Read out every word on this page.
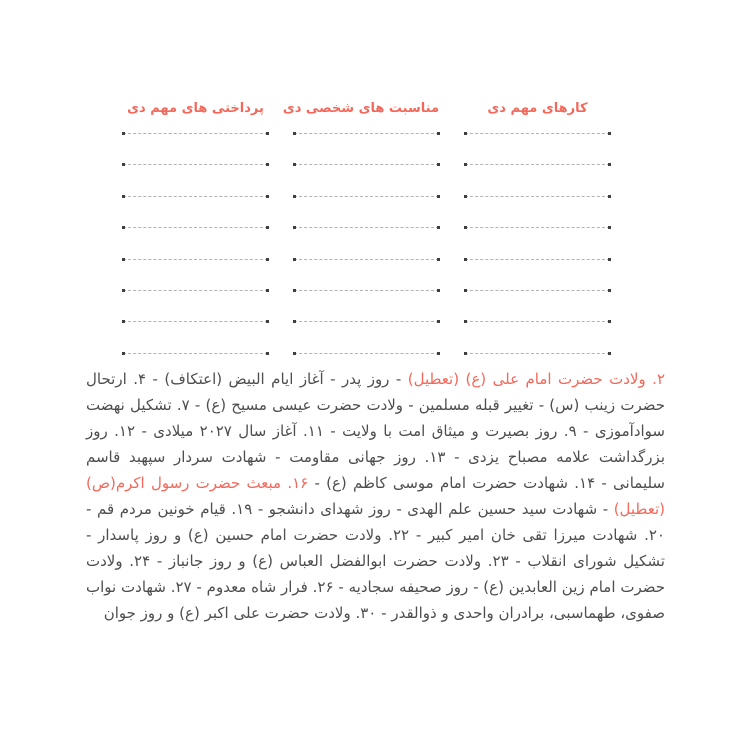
کارهای مهم دی
مناسبت های شخصی دی
پرداختی های مهم دی

۲. ولادت حضرت امام علی (ع) (تعطیل) - روز پدر - آغاز ایام البیض (اعتکاف) - ۴. ارتحال حضرت زینب (س) - تغییر قبله مسلمین - ولادت حضرت عیسی مسیح (ع) - ۷. تشکیل نهضت سوادآموزی - ۹. روز بصیرت و میثاق امت با ولایت - ۱۱. آغاز سال ۲۰۲۷ میلادی - ۱۲. روز بزرگداشت علامه مصباح یزدی - ۱۳. روز جهانی مقاومت - شهادت سردار سپهبد قاسم سلیمانی - ۱۴. شهادت حضرت امام موسی کاظم (ع) - ۱۶. مبعث حضرت رسول اکرم(ص) (تعطیل) - شهادت سید حسین علم الهدی - روز شهدای دانشجو - ۱۹. قیام خونین مردم قم - ۲۰. شهادت میرزا تقی خان امیر کبیر - ۲۲. ولادت حضرت امام حسین (ع) و روز پاسدار - تشکیل شورای انقلاب - ۲۳. ولادت حضرت ابوالفضل العباس (ع) و روز جانباز - ۲۴. ولادت حضرت امام زین العابدین (ع) - روز صحیفه سجادیه - ۲۶. فرار شاه معدوم - ۲۷. شهادت نواب صفوی، طهماسبی، برادران واحدی و ذوالقدر - ۳۰. ولادت حضرت علی اکبر (ع) و روز جوان
